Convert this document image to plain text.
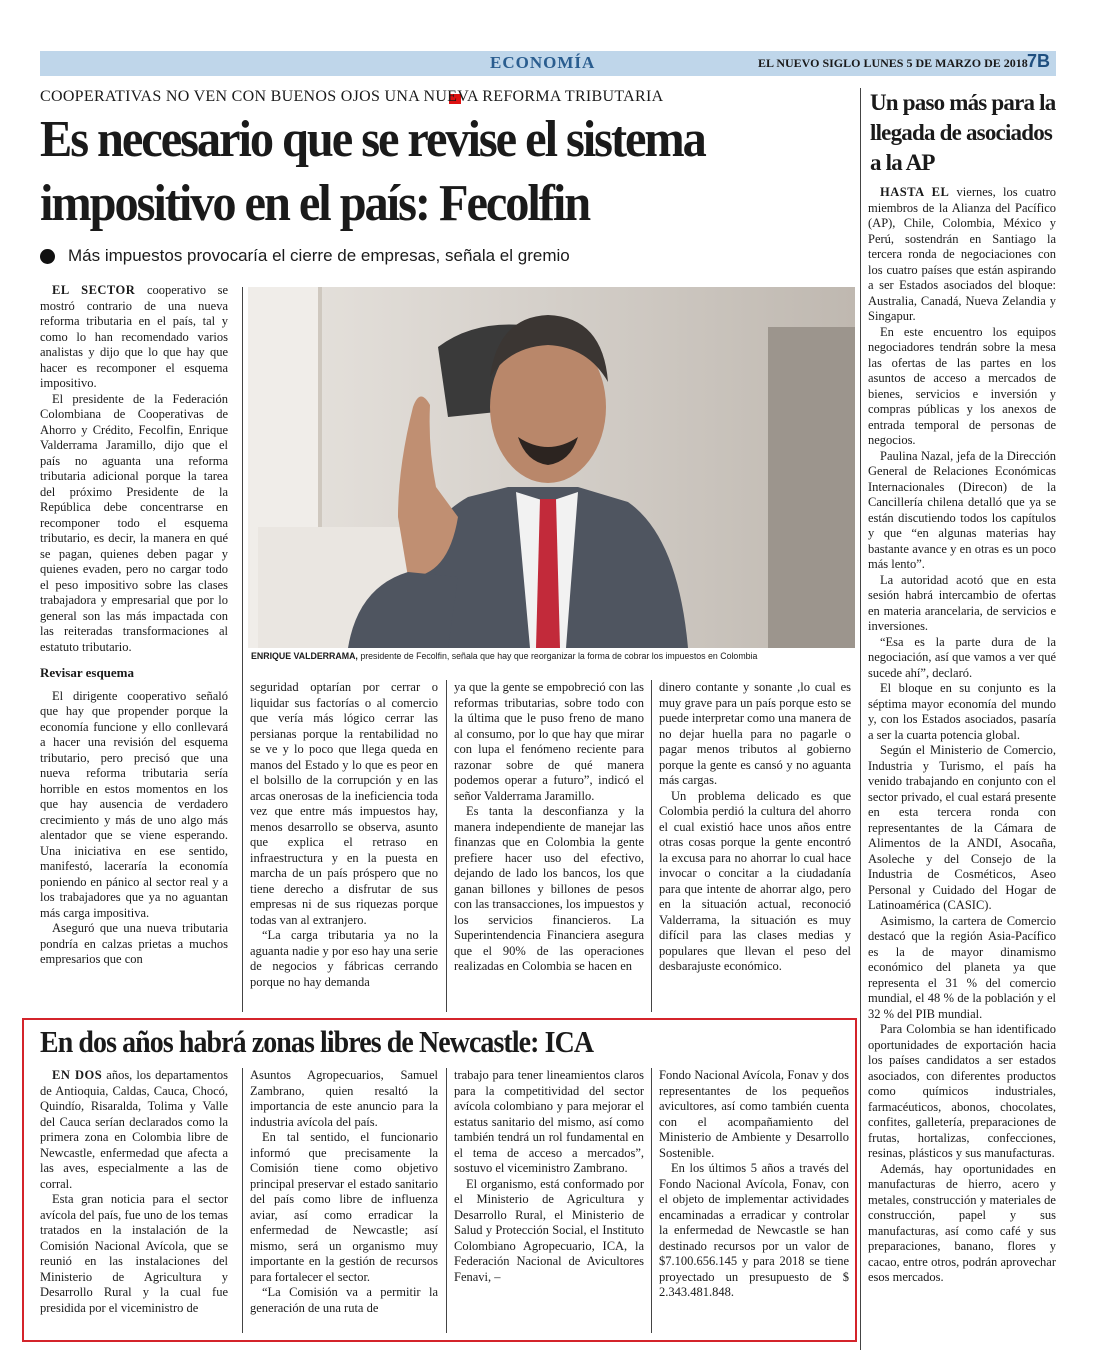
ECONOMÍA	EL NUEVO SIGLO LUNES 5 DE MARZO DE 2018 7B
COOPERATIVAS NO VEN CON BUENOS OJOS UNA NUEVA REFORMA TRIBUTARIA
Es necesario que se revise el sistema
impositivo en el país: Fecolfin
Más impuestos provocaría el cierre de empresas, señala el gremio

EL SECTOR cooperativo se mostró contrario de una nueva reforma tributaria en el país, tal y como lo han recomendado varios analistas y dijo que lo que hay que hacer es recomponer el esquema impositivo.

El presidente de la Federación Colombiana de Cooperativas de Ahorro y Crédito, Fecolfin, Enrique Valderrama Jaramillo, dijo que el país no aguanta una reforma tributaria adicional porque la tarea del próximo Presidente de la República debe concentrarse en recomponer todo el esquema tributario, es decir, la manera en qué se pagan, quienes deben pagar y quienes evaden, pero no cargar todo el peso impositivo sobre las clases trabajadora y empresarial que por lo general son las más impactada con las reiteradas transformaciones al estatuto tributario.

Revisar esquema

El dirigente cooperativo señaló que hay que propender porque la economía funcione y ello conllevará a hacer una revisión del esquema tributario, pero precisó que una nueva reforma tributaria sería horrible en estos momentos en los que hay ausencia de verdadero crecimiento y más de uno algo más alentador que se viene esperando. Una iniciativa en ese sentido, manifestó, laceraría la economía poniendo en pánico al sector real y a los trabajadores que ya no aguantan más carga impositiva.

Aseguró que una nueva tributaria pondría en calzas prietas a muchos empresarios que con

ENRIQUE VALDERRAMA, presidente de Fecolfin, señala que hay que reorganizar la forma de cobrar los impuestos en Colombia

seguridad optarían por cerrar o liquidar sus factorías o al comercio que vería más lógico cerrar las persianas porque la rentabilidad no se ve y lo poco que llega queda en manos del Estado y lo que es peor en el bolsillo de la corrupción y en las arcas onerosas de la ineficiencia toda vez que entre más impuestos hay, menos desarrollo se observa, asunto que explica el retraso en infraestructura y en la puesta en marcha de un país próspero que no tiene derecho a disfrutar de sus empresas ni de sus riquezas porque todas van al extranjero.

“La carga tributaria ya no la aguanta nadie y por eso hay una serie de negocios y fábricas cerrando porque no hay demanda

ya que la gente se empobreció con las reformas tributarias, sobre todo con la última que le puso freno de mano al consumo, por lo que hay que mirar con lupa el fenómeno reciente para razonar sobre de qué manera podemos operar a futuro”, indicó el señor Valderrama Jaramillo.

Es tanta la desconfianza y la manera independiente de manejar las finanzas que en Colombia la gente prefiere hacer uso del efectivo, dejando de lado los bancos, los que ganan billones y billones de pesos con las transacciones, los impuestos y los servicios financieros. La Superintendencia Financiera asegura que el 90% de las operaciones realizadas en Colombia se hacen en

dinero contante y sonante ,lo cual es muy grave para un país porque esto se puede interpretar como una manera de no dejar huella para no pagarle o pagar menos tributos al gobierno porque la gente es cansó y no aguanta más cargas.

Un problema delicado es que Colombia perdió la cultura del ahorro el cual existió hace unos años entre otras cosas porque la gente encontró la excusa para no ahorrar lo cual hace invocar o concitar a la ciudadanía para que intente de ahorrar algo, pero en la situación actual, reconoció Valderrama, la situación es muy difícil para las clases medias y populares que llevan el peso del desbarajuste económico.

Un paso más para la llegada de asociados a la AP

HASTA EL viernes, los cuatro miembros de la Alianza del Pacífico (AP), Chile, Colombia, México y Perú, sostendrán en Santiago la tercera ronda de negociaciones con los cuatro países que están aspirando a ser Estados asociados del bloque: Australia, Canadá, Nueva Zelandia y Singapur.

En este encuentro los equipos negociadores tendrán sobre la mesa las ofertas de las partes en los asuntos de acceso a mercados de bienes, servicios e inversión y compras públicas y los anexos de entrada temporal de personas de negocios.

Paulina Nazal, jefa de la Dirección General de Relaciones Económicas Internacionales (Direcon) de la Cancillería chilena detalló que ya se están discutiendo todos los capítulos y que “en algunas materias hay bastante avance y en otras es un poco más lento”.

La autoridad acotó que en esta sesión habrá intercambio de ofertas en materia arancelaria, de servicios e inversiones.

“Esa es la parte dura de la negociación, así que vamos a ver qué sucede ahí”, declaró.

El bloque en su conjunto es la séptima mayor economía del mundo y, con los Estados asociados, pasaría a ser la cuarta potencia global.

Según el Ministerio de Comercio, Industria y Turismo, el país ha venido trabajando en conjunto con el sector privado, el cual estará presente en esta tercera ronda con representantes de la Cámara de Alimentos de la ANDI, Asocaña, Asoleche y del Consejo de la Industria de Cosméticos, Aseo Personal y Cuidado del Hogar de Latinoamérica (CASIC).

Asimismo, la cartera de Comercio destacó que la región Asia-Pacífico es la de mayor dinamismo económico del planeta ya que representa el 31 % del comercio mundial, el 48 % de la población y el 32 % del PIB mundial.

Para Colombia se han identificado oportunidades de exportación hacia los países candidatos a ser estados asociados, con diferentes productos como químicos industriales, farmacéuticos, abonos, chocolates, confites, galletería, preparaciones de frutas, hortalizas, confecciones, resinas, plásticos y sus manufacturas.

Además, hay oportunidades en manufacturas de hierro, acero y metales, construcción y materiales de construcción, papel y sus manufacturas, así como café y sus preparaciones, banano, flores y cacao, entre otros, podrán aprovechar esos mercados.

En dos años habrá zonas libres de Newcastle: ICA

EN DOS años, los departamentos de Antioquia, Caldas, Cauca, Chocó, Quindío, Risaralda, Tolima y Valle del Cauca serían declarados como la primera zona en Colombia libre de Newcastle, enfermedad que afecta a las aves, especialmente a las de corral.

Esta gran noticia para el sector avícola del país, fue uno de los temas tratados en la instalación de la Comisión Nacional Avícola, que se reunió en las instalaciones del Ministerio de Agricultura y Desarrollo Rural y la cual fue presidida por el viceministro de

Asuntos Agropecuarios, Samuel Zambrano, quien resaltó la importancia de este anuncio para la industria avícola del país.

En tal sentido, el funcionario informó que precisamente la Comisión tiene como objetivo principal preservar el estado sanitario del país como libre de influenza aviar, así como erradicar la enfermedad de Newcastle; así mismo, será un organismo muy importante en la gestión de recursos para fortalecer el sector.

“La Comisión va a permitir la generación de una ruta de

trabajo para tener lineamientos claros para la competitividad del sector avícola colombiano y para mejorar el estatus sanitario del mismo, así como también tendrá un rol fundamental en el tema de acceso a mercados”, sostuvo el viceministro Zambrano.

El organismo, está conformado por el Ministerio de Agricultura y Desarrollo Rural, el Ministerio de Salud y Protección Social, el Instituto Colombiano Agropecuario, ICA, la Federación Nacional de Avicultores Fenavi, –

Fondo Nacional Avícola, Fonav y dos representantes de los pequeños avicultores, así como también cuenta con el acompañamiento del Ministerio de Ambiente y Desarrollo Sostenible.

En los últimos 5 años a través del Fondo Nacional Avícola, Fonav, con el objeto de implementar actividades encaminadas a erradicar y controlar la enfermedad de Newcastle se han destinado recursos por un valor de $7.100.656.145 y para 2018 se tiene proyectado un presupuesto de $ 2.343.481.848.
